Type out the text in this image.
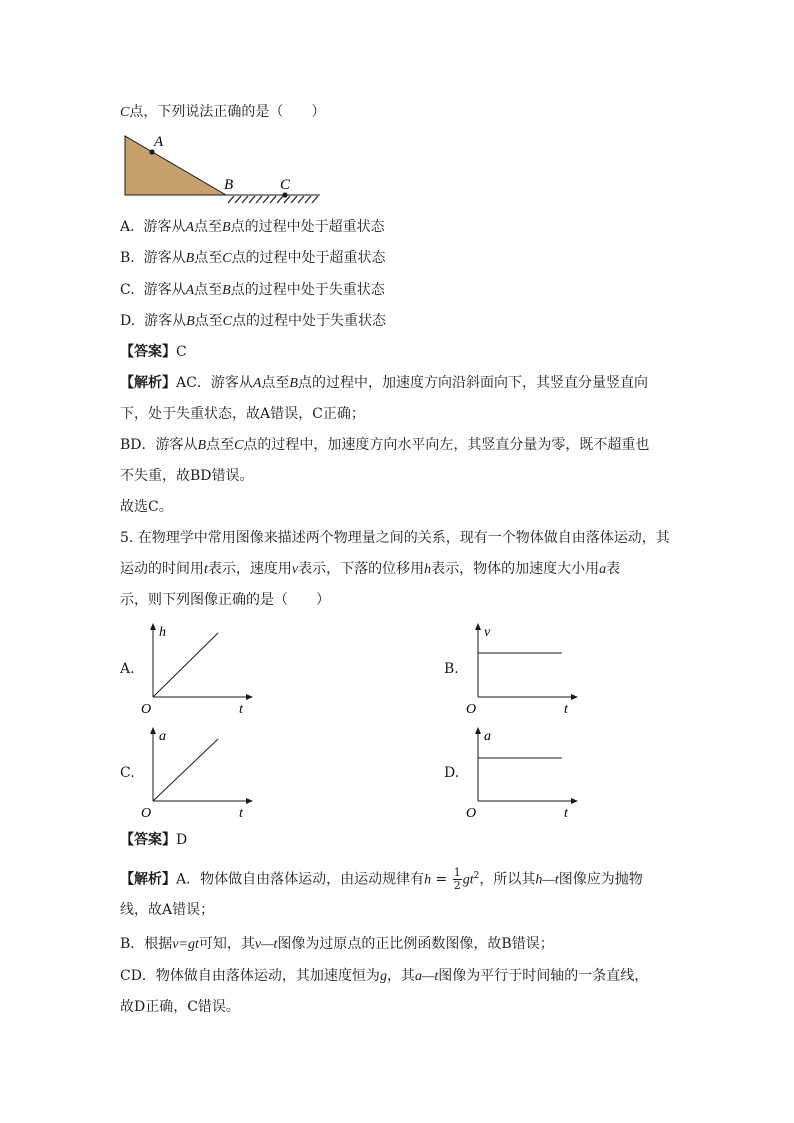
C点，下列说法正确的是（　　）
A
B	C
A. 游客从A点至B点的过程中处于超重状态
B. 游客从B点至C点的过程中处于超重状态
C. 游客从A点至B点的过程中处于失重状态
D. 游客从B点至C点的过程中处于失重状态
【答案】C
【解析】AC．游客从A点至B点的过程中，加速度方向沿斜面向下，其竖直分量竖直向
下，处于失重状态，故A错误，C正确；
BD．游客从B点至C点的过程中，加速度方向水平向左，其竖直分量为零，既不超重也
不失重，故BD错误。
故选C。
5. 在物理学中常用图像来描述两个物理量之间的关系，现有一个物体做自由落体运动，其
运动的时间用t表示，速度用v表示，下落的位移用h表示，物体的加速度大小用a表
示，则下列图像正确的是（　　）
A.	B.
C.	D.
h
t
O
v
t
O
a
t
O
a
t
O
【答案】D
【解析】A．物体做自由落体运动，由运动规律有$h = \frac{1}{2} gt^2$，所以其h—t图像应为抛物
线，故A错误；
B．根据v=gt可知，其v—t图像为过原点的正比例函数图像，故B错误；
CD．物体做自由落体运动，其加速度恒为g，其a—t图像为平行于时间轴的一条直线，
故D正确，C错误。
